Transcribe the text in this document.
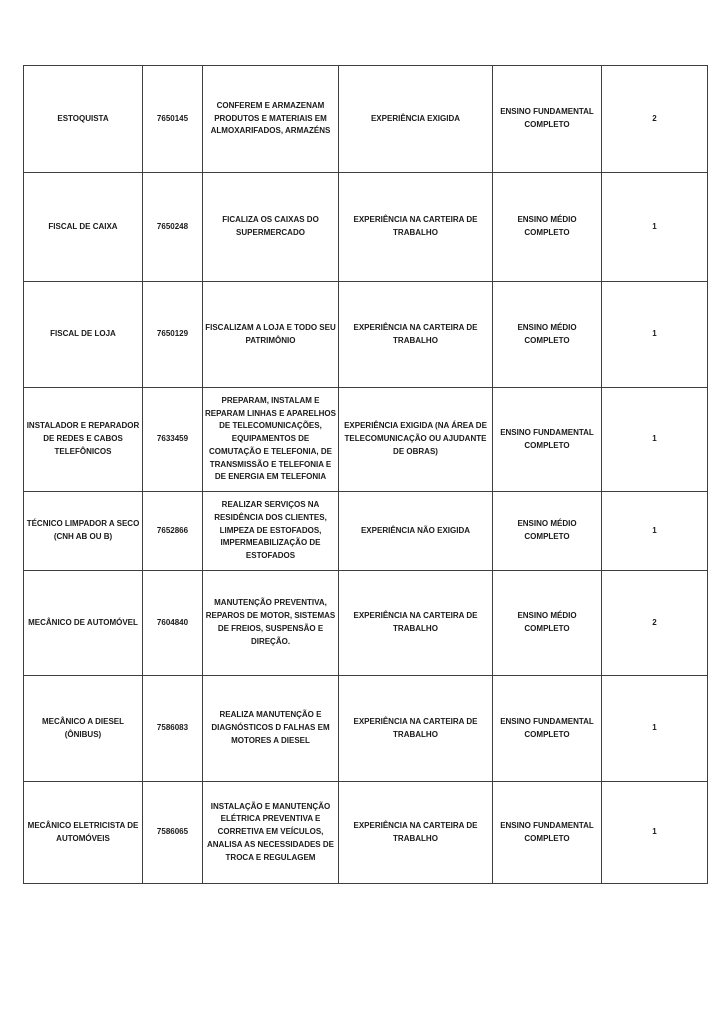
ESTOQUISTA	7650145	CONFEREM E ARMAZENAM PRODUTOS E MATERIAIS EM ALMOXARIFADOS, ARMAZÉNS	EXPERIÊNCIA EXIGIDA	ENSINO FUNDAMENTAL COMPLETO	2
FISCAL DE CAIXA	7650248	FICALIZA OS CAIXAS DO SUPERMERCADO	EXPERIÊNCIA NA CARTEIRA DE TRABALHO	ENSINO MÉDIO COMPLETO	1
FISCAL DE LOJA	7650129	FISCALIZAM A LOJA E TODO SEU PATRIMÔNIO	EXPERIÊNCIA NA CARTEIRA DE TRABALHO	ENSINO MÉDIO COMPLETO	1
INSTALADOR E REPARADOR DE REDES E CABOS TELEFÔNICOS	7633459	PREPARAM, INSTALAM E REPARAM LINHAS E APARELHOS DE TELECOMUNICAÇÕES, EQUIPAMENTOS DE COMUTAÇÃO E TELEFONIA, DE TRANSMISSÃO E TELEFONIA E DE ENERGIA EM TELEFONIA	EXPERIÊNCIA EXIGIDA (NA ÁREA DE TELECOMUNICAÇÃO OU AJUDANTE DE OBRAS)	ENSINO FUNDAMENTAL COMPLETO	1
TÉCNICO LIMPADOR A SECO (CNH AB OU B)	7652866	REALIZAR SERVIÇOS NA RESIDÊNCIA DOS CLIENTES, LIMPEZA DE ESTOFADOS, IMPERMEABILIZAÇÃO DE ESTOFADOS	EXPERIÊNCIA NÃO EXIGIDA	ENSINO MÉDIO COMPLETO	1
MECÂNICO DE AUTOMÓVEL	7604840	MANUTENÇÃO PREVENTIVA, REPAROS DE MOTOR, SISTEMAS DE FREIOS, SUSPENSÃO E DIREÇÃO.	EXPERIÊNCIA NA CARTEIRA DE TRABALHO	ENSINO MÉDIO COMPLETO	2
MECÂNICO A DIESEL (ÔNIBUS)	7586083	REALIZA MANUTENÇÃO E DIAGNÓSTICOS D FALHAS EM MOTORES A DIESEL	EXPERIÊNCIA NA CARTEIRA DE TRABALHO	ENSINO FUNDAMENTAL COMPLETO	1
MECÂNICO ELETRICISTA DE AUTOMÓVEIS	7586065	INSTALAÇÃO E MANUTENÇÃO ELÉTRICA PREVENTIVA E CORRETIVA EM VEÍCULOS, ANALISA AS NECESSIDADES DE TROCA E REGULAGEM	EXPERIÊNCIA NA CARTEIRA DE TRABALHO	ENSINO FUNDAMENTAL COMPLETO	1
